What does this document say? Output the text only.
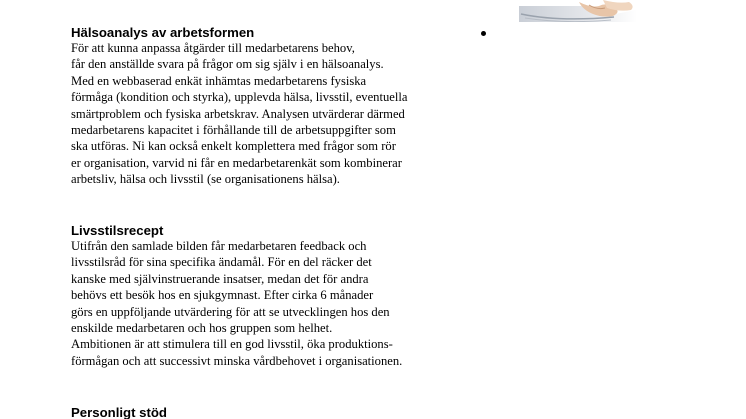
Hälsoanalys av arbetsformen
För att kunna anpassa åtgärder till medarbetarens behov,
får den anställde svara på frågor om sig själv i en hälsoanalys.
Med en webbaserad enkät inhämtas medarbetarens fysiska
förmåga (kondition och styrka), upplevda hälsa, livsstil, eventuella
smärtproblem och fysiska arbetskrav. Analysen utvärderar därmed
medarbetarens kapacitet i förhållande till de arbetsuppgifter som
ska utföras. Ni kan också enkelt komplettera med frågor som rör
er organisation, varvid ni får en medarbetarenkät som kombinerar
arbetsliv, hälsa och livsstil (se organisationens hälsa).
Livsstilsrecept
Utifrån den samlade bilden får medarbetaren feedback och
livsstilsråd för sina specifika ändamål. För en del räcker det
kanske med självinstruerande insatser, medan det för andra
behövs ett besök hos en sjukgymnast. Efter cirka 6 månader
görs en uppföljande utvärdering för att se utvecklingen hos den
enskilde medarbetaren och hos gruppen som helhet.
Ambitionen är att stimulera till en god livsstil, öka produktions-
förmågan och att successivt minska vårdbehovet i organisationen.
Personligt stöd
